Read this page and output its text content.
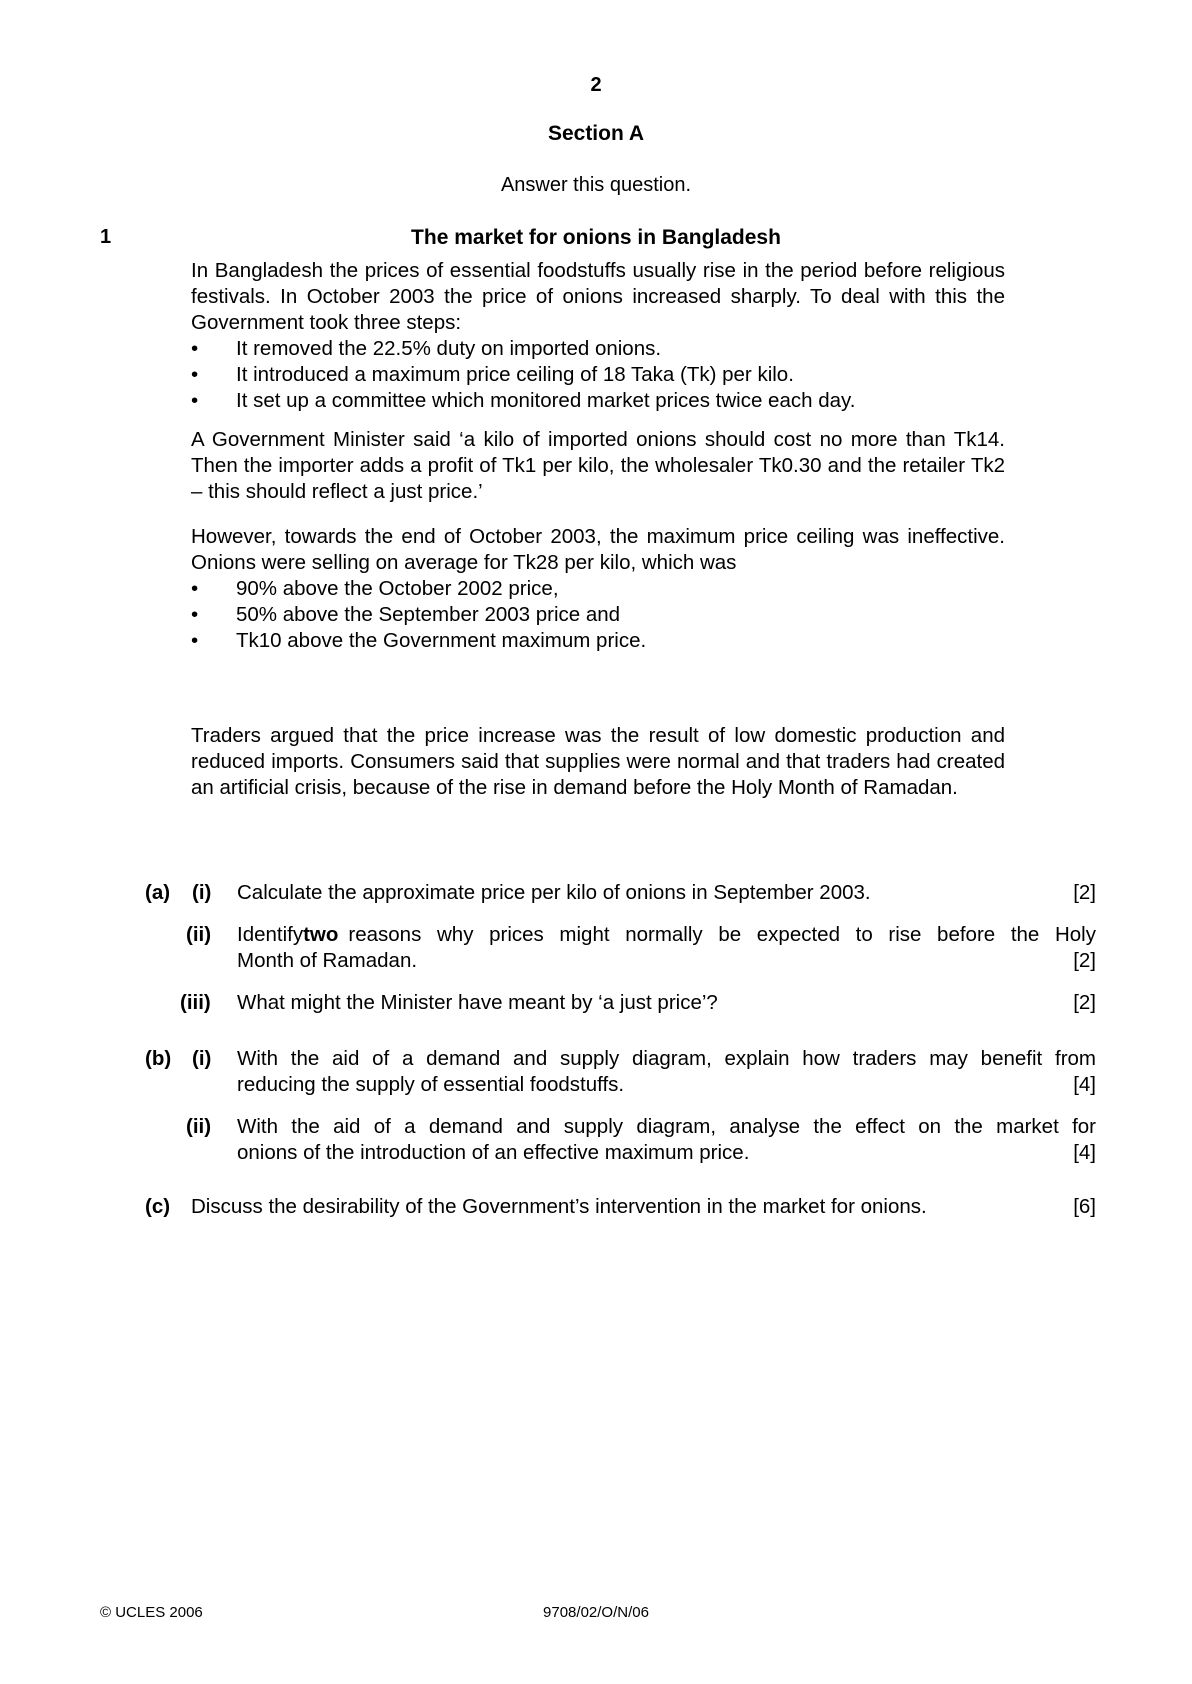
2
Section A
Answer this question.
1	The market for onions in Bangladesh

In Bangladesh the prices of essential foodstuffs usually rise in the period before religious festivals. In October 2003 the price of onions increased sharply. To deal with this the Government took three steps:

• It removed the 22.5% duty on imported onions.
• It introduced a maximum price ceiling of 18 Taka (Tk) per kilo.
• It set up a committee which monitored market prices twice each day.

A Government Minister said ‘a kilo of imported onions should cost no more than Tk14. Then the importer adds a profit of Tk1 per kilo, the wholesaler Tk0.30 and the retailer Tk2 – this should reflect a just price.’

However, towards the end of October 2003, the maximum price ceiling was ineffective. Onions were selling on average for Tk28 per kilo, which was

• 90% above the October 2002 price,
• 50% above the September 2003 price and
• Tk10 above the Government maximum price.

Traders argued that the price increase was the result of low domestic production and reduced imports. Consumers said that supplies were normal and that traders had created an artificial crisis, because of the rise in demand before the Holy Month of Ramadan.

(a) (i) Calculate the approximate price per kilo of onions in September 2003.	[2]
(ii) Identify two reasons why prices might normally be expected to rise before the Holy
Month of Ramadan.	[2]
(iii) What might the Minister have meant by ‘a just price’?	[2]
(b) (i) With the aid of a demand and supply diagram, explain how traders may benefit from
reducing the supply of essential foodstuffs.	[4]
(ii) With the aid of a demand and supply diagram, analyse the effect on the market for
onions of the introduction of an effective maximum price.	[4]
(c) Discuss the desirability of the Government’s intervention in the market for onions.	[6]
© UCLES 2006	9708/02/O/N/06
